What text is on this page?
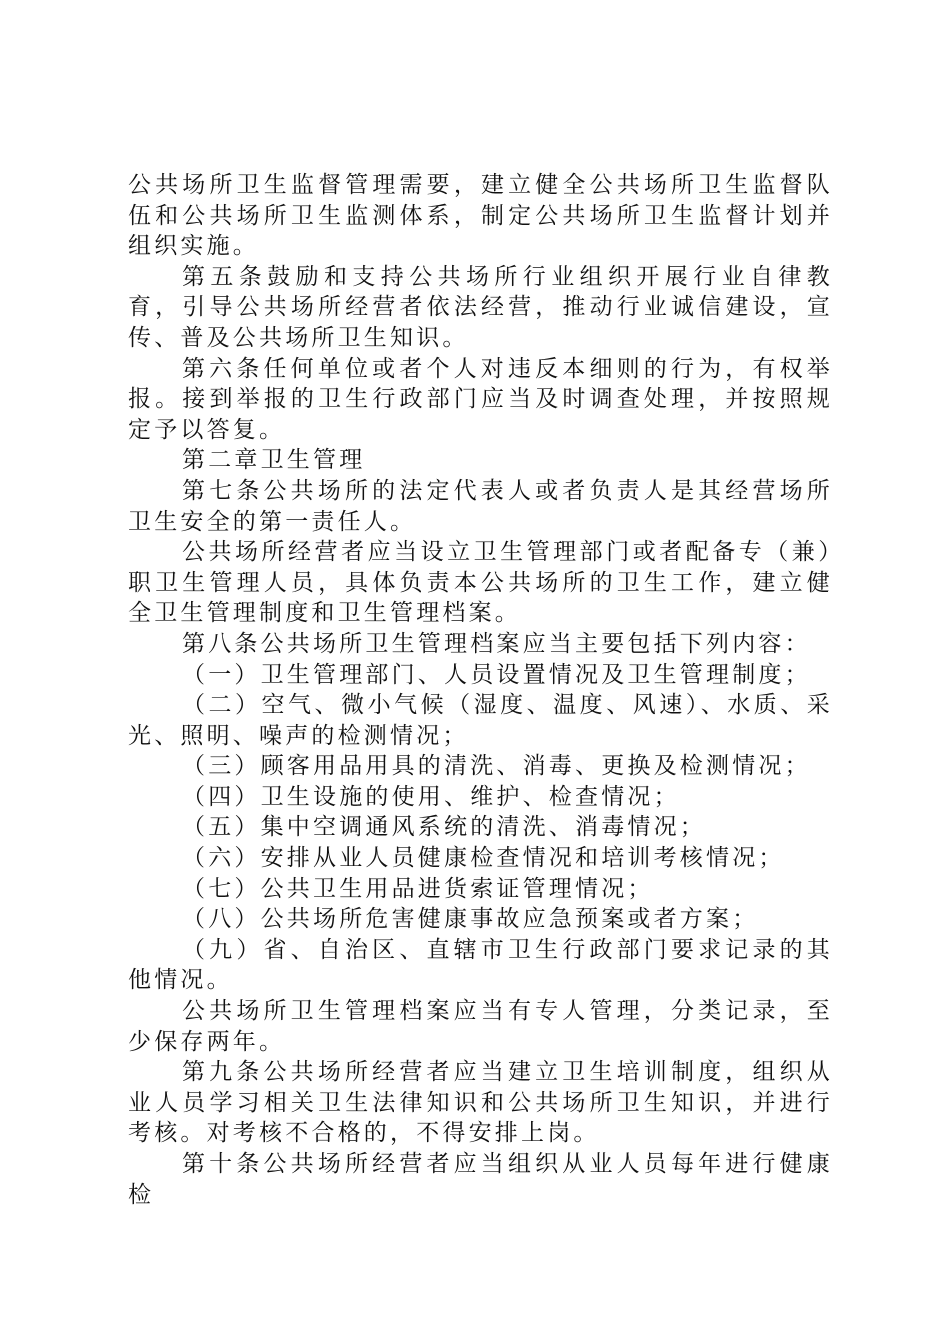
公共场所卫生监督管理需要，建立健全公共场所卫生监督队伍和公共场所卫生监测体系，制定公共场所卫生监督计划并组织实施。

第五条鼓励和支持公共场所行业组织开展行业自律教育，引导公共场所经营者依法经营，推动行业诚信建设，宣传、普及公共场所卫生知识。

第六条任何单位或者个人对违反本细则的行为，有权举报。接到举报的卫生行政部门应当及时调查处理，并按照规定予以答复。

第二章卫生管理

第七条公共场所的法定代表人或者负责人是其经营场所卫生安全的第一责任人。

公共场所经营者应当设立卫生管理部门或者配备专（兼）职卫生管理人员，具体负责本公共场所的卫生工作，建立健全卫生管理制度和卫生管理档案。

第八条公共场所卫生管理档案应当主要包括下列内容：

（一）卫生管理部门、人员设置情况及卫生管理制度；

（二）空气、微小气候（湿度、温度、风速）、水质、采光、照明、噪声的检测情况；

（三）顾客用品用具的清洗、消毒、更换及检测情况；

（四）卫生设施的使用、维护、检查情况；

（五）集中空调通风系统的清洗、消毒情况；

（六）安排从业人员健康检查情况和培训考核情况；

（七）公共卫生用品进货索证管理情况；

（八）公共场所危害健康事故应急预案或者方案；

（九）省、自治区、直辖市卫生行政部门要求记录的其他情况。

公共场所卫生管理档案应当有专人管理，分类记录，至少保存两年。

第九条公共场所经营者应当建立卫生培训制度，组织从业人员学习相关卫生法律知识和公共场所卫生知识，并进行考核。对考核不合格的，不得安排上岗。

第十条公共场所经营者应当组织从业人员每年进行健康检
